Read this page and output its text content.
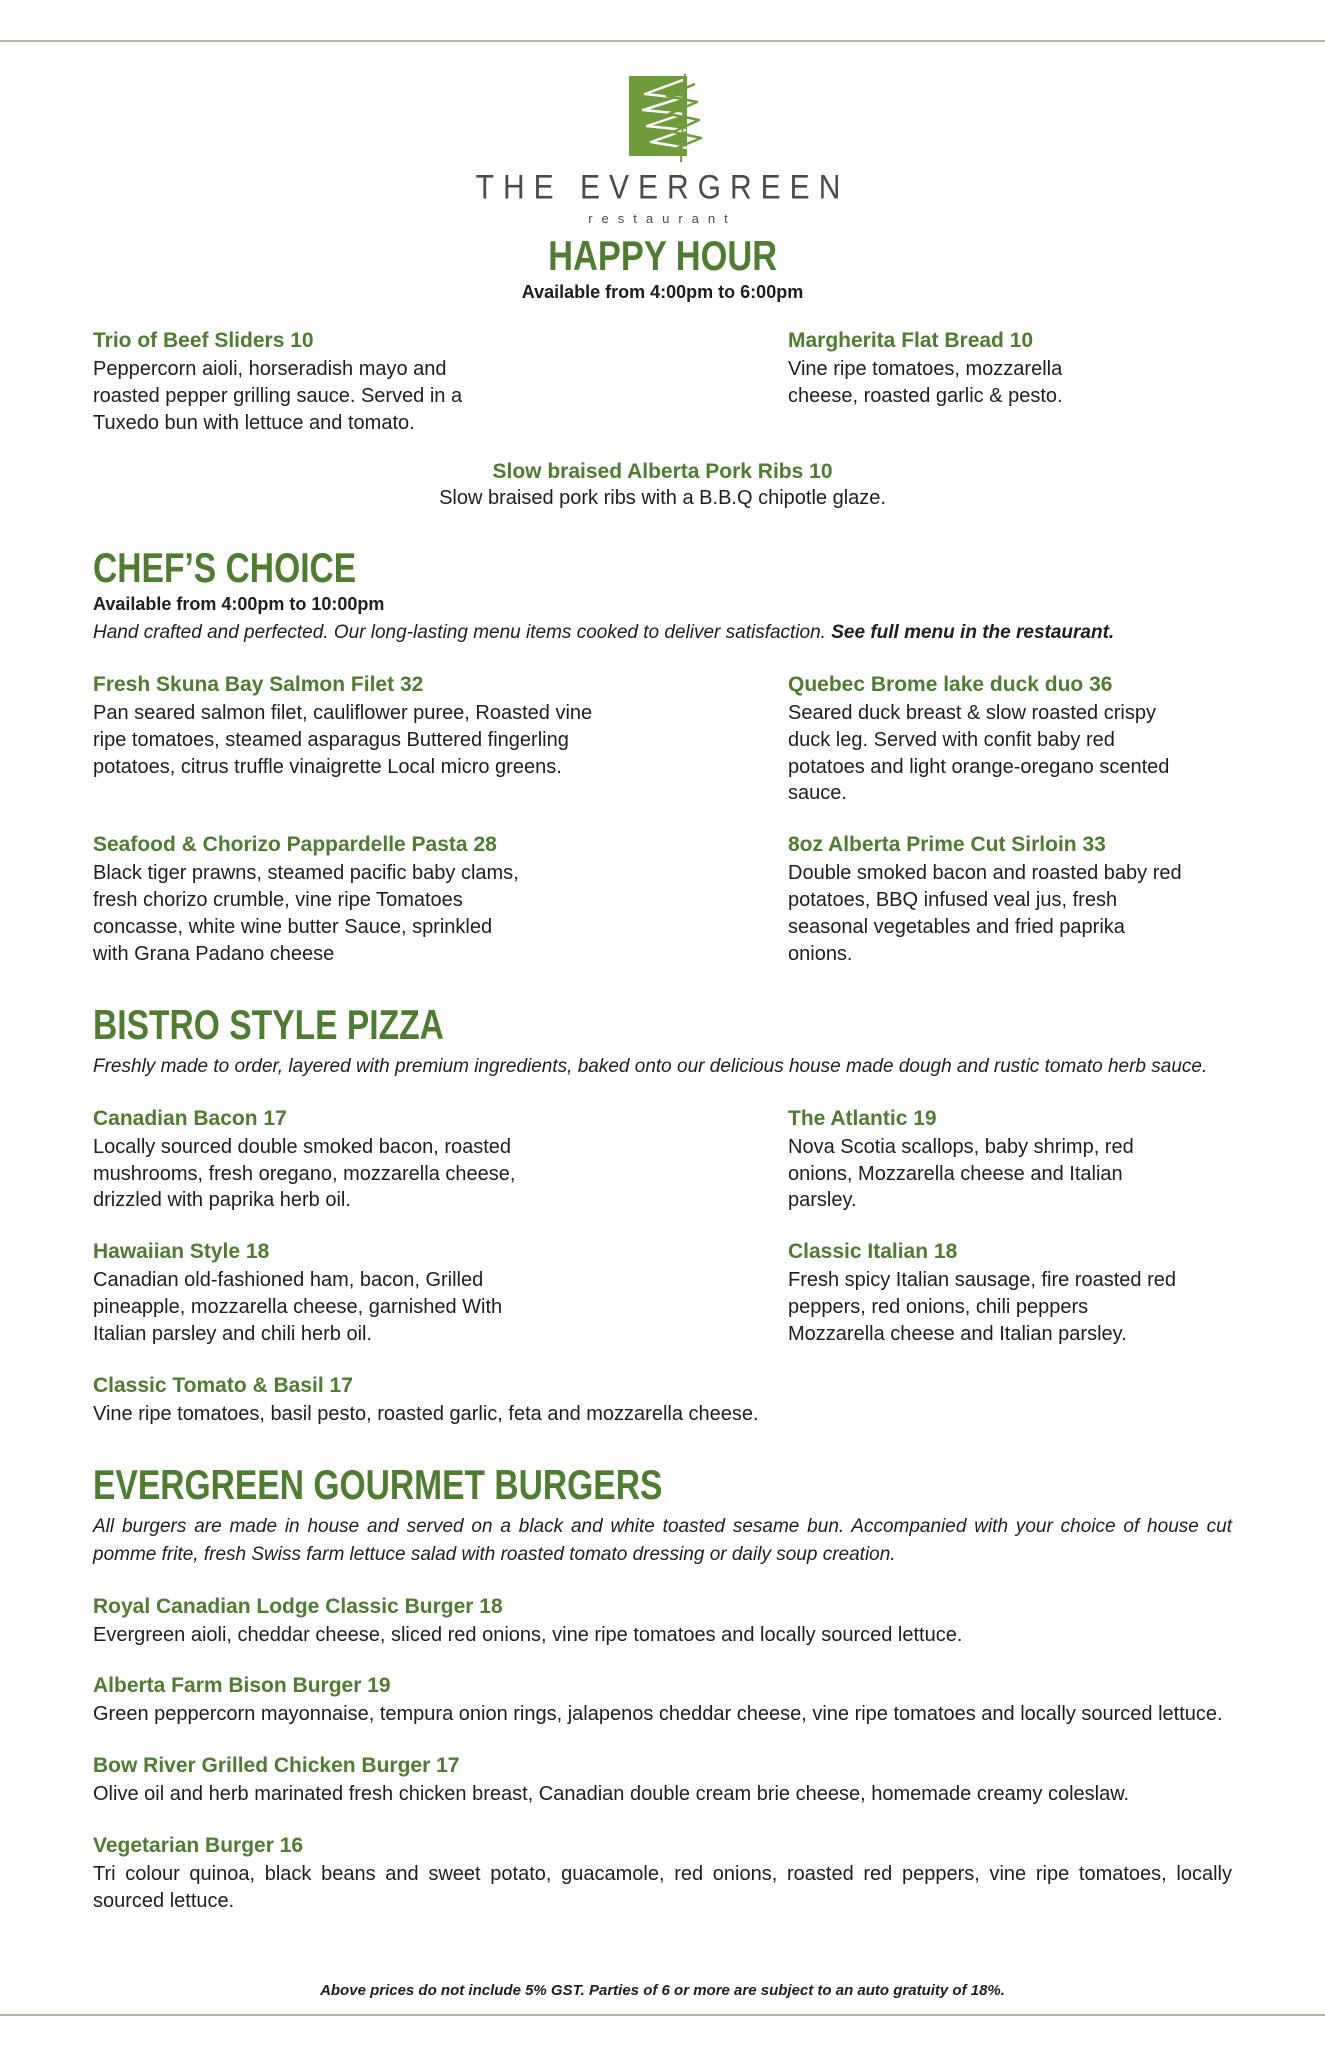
THE EVERGREEN
restaurant
HAPPY HOUR

Available from 4:00pm to 6:00pm

Trio of Beef Sliders 10

Peppercorn aioli, horseradish mayo and roasted pepper grilling sauce. Served in a Tuxedo bun with lettuce and tomato.

Margherita Flat Bread 10

Vine ripe tomatoes, mozzarella cheese, roasted garlic & pesto.

Slow braised Alberta Pork Ribs 10

Slow braised pork ribs with a B.B.Q chipotle glaze.

CHEF’S CHOICE

Available from 4:00pm to 10:00pm

Hand crafted and perfected. Our long-lasting menu items cooked to deliver satisfaction. See full menu in the restaurant.

Fresh Skuna Bay Salmon Filet 32

Pan seared salmon filet, cauliflower puree, Roasted vine ripe tomatoes, steamed asparagus Buttered fingerling potatoes, citrus truffle vinaigrette Local micro greens.

Quebec Brome lake duck duo 36

Seared duck breast & slow roasted crispy duck leg. Served with confit baby red potatoes and light orange-oregano scented sauce.

Seafood & Chorizo Pappardelle Pasta 28

Black tiger prawns, steamed pacific baby clams, fresh chorizo crumble, vine ripe Tomatoes concasse, white wine butter Sauce, sprinkled with Grana Padano cheese

8oz Alberta Prime Cut Sirloin 33

Double smoked bacon and roasted baby red potatoes, BBQ infused veal jus, fresh seasonal vegetables and fried paprika onions.

BISTRO STYLE PIZZA

Freshly made to order, layered with premium ingredients, baked onto our delicious house made dough and rustic tomato herb sauce.

Canadian Bacon 17

Locally sourced double smoked bacon, roasted mushrooms, fresh oregano, mozzarella cheese, drizzled with paprika herb oil.

The Atlantic 19

Nova Scotia scallops, baby shrimp, red onions, Mozzarella cheese and Italian parsley.

Hawaiian Style 18

Canadian old-fashioned ham, bacon, Grilled pineapple, mozzarella cheese, garnished With Italian parsley and chili herb oil.

Classic Italian 18

Fresh spicy Italian sausage, fire roasted red peppers, red onions, chili peppers Mozzarella cheese and Italian parsley.

Classic Tomato & Basil 17

Vine ripe tomatoes, basil pesto, roasted garlic, feta and mozzarella cheese.

EVERGREEN GOURMET BURGERS

All burgers are made in house and served on a black and white toasted sesame bun. Accompanied with your choice of house cut pomme frite, fresh Swiss farm lettuce salad with roasted tomato dressing or daily soup creation.

Royal Canadian Lodge Classic Burger 18

Evergreen aioli, cheddar cheese, sliced red onions, vine ripe tomatoes and locally sourced lettuce.

Alberta Farm Bison Burger 19

Green peppercorn mayonnaise, tempura onion rings, jalapenos cheddar cheese, vine ripe tomatoes and locally sourced lettuce.

Bow River Grilled Chicken Burger 17

Olive oil and herb marinated fresh chicken breast, Canadian double cream brie cheese, homemade creamy coleslaw.

Vegetarian Burger 16

Tri colour quinoa, black beans and sweet potato, guacamole, red onions, roasted red peppers, vine ripe tomatoes, locally sourced lettuce.

Above prices do not include 5% GST. Parties of 6 or more are subject to an auto gratuity of 18%.
